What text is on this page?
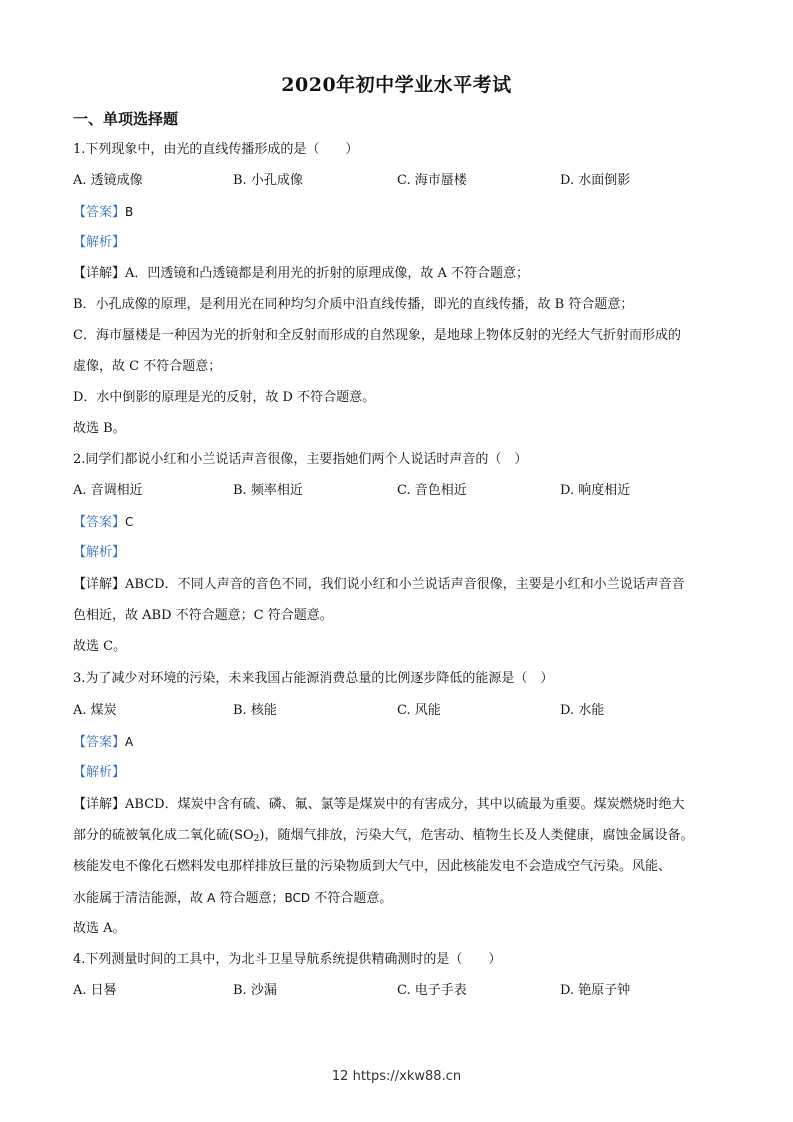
2020年初中学业水平考试
一、单项选择题
1.下列现象中，由光的直线传播形成的是（　　）
A. 透镜成像	B. 小孔成像	C. 海市蜃楼	D. 水面倒影
【答案】B
【解析】
【详解】A．凹透镜和凸透镜都是利用光的折射的原理成像，故 A 不符合题意；
B．小孔成像的原理，是利用光在同种均匀介质中沿直线传播，即光的直线传播，故 B 符合题意；
C．海市蜃楼是一种因为光的折射和全反射而形成的自然现象，是地球上物体反射的光经大气折射而形成的
虚像，故 C 不符合题意；
D．水中倒影的原理是光的反射，故 D 不符合题意。
故选 B。
2.同学们都说小红和小兰说话声音很像，主要指她们两个人说话时声音的（　）
A. 音调相近	B. 频率相近	C. 音色相近	D. 响度相近
【答案】C
【解析】
【详解】ABCD．不同人声音的音色不同，我们说小红和小兰说话声音很像，主要是小红和小兰说话声音音
色相近，故 ABD 不符合题意；C 符合题意。
故选 C。
3.为了减少对环境的污染，未来我国占能源消费总量的比例逐步降低的能源是（　）
A. 煤炭	B. 核能	C. 风能	D. 水能
【答案】A
【解析】
【详解】ABCD．煤炭中含有硫、磷、氟、氯等是煤炭中的有害成分，其中以硫最为重要。煤炭燃烧时绝大
部分的硫被氧化成二氧化硫$(SO_2)$，随烟气排放，污染大气，危害动、植物生长及人类健康，腐蚀金属设备。
核能发电不像化石燃料发电那样排放巨量的污染物质到大气中，因此核能发电不会造成空气污染。风能、
水能属于清洁能源，故 A 符合题意；BCD 不符合题意。
故选 A。
4.下列测量时间的工具中，为北斗卫星导航系统提供精确测时的是（　　）
A. 日晷	B. 沙漏	C. 电子手表	D. 铯原子钟
12 https://xkw88.cn
